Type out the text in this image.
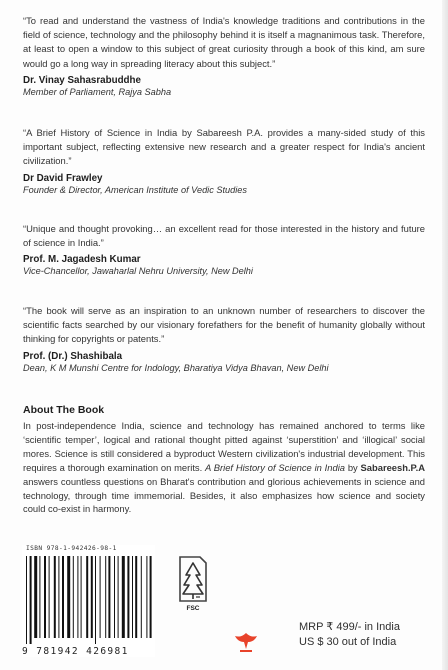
“To read and understand the vastness of India's knowledge traditions and contributions in the field of science, technology and the philosophy behind it is itself a magnanimous task. Therefore, at least to open a window to this subject of great curiosity through a book of this kind, am sure would go a long way in spreading literacy about this subject.”

Dr. Vinay Sahasrabuddhe

Member of Parliament, Rajya Sabha

“A Brief History of Science in India by Sabareesh P.A. provides a many-sided study of this important subject, reflecting extensive new research and a greater respect for India's ancient civilization.”

Dr David Frawley

Founder & Director, American Institute of Vedic Studies

“Unique and thought provoking… an excellent read for those interested in the history and future of science in India.”

Prof. M. Jagadesh Kumar

Vice-Chancellor, Jawaharlal Nehru University, New Delhi

“The book will serve as an inspiration to an unknown number of researchers to discover the scientific facts searched by our visionary forefathers for the benefit of humanity globally without thinking for copyrights or patents.”

Prof. (Dr.) Shashibala

Dean, K M Munshi Centre for Indology, Bharatiya Vidya Bhavan, New Delhi

About The Book

In post-independence India, science and technology has remained anchored to terms like ‘scientific temper’, logical and rational thought pitted against ‘superstition’ and ‘illogical’ social mores. Science is still considered a byproduct Western civilization's industrial development. This requires a thorough examination on merits. A Brief History of Science in India by Sabareesh.P.A answers countless questions on Bharat's contribution and glorious achievements in science and technology, through time immemorial. Besides, it also emphasizes how science and society could co-exist in harmony.

ISBN 978-1-942426-98-1
9 781942 426981
FSC
MRP ₹ 499/- in India
US $ 30 out of India
